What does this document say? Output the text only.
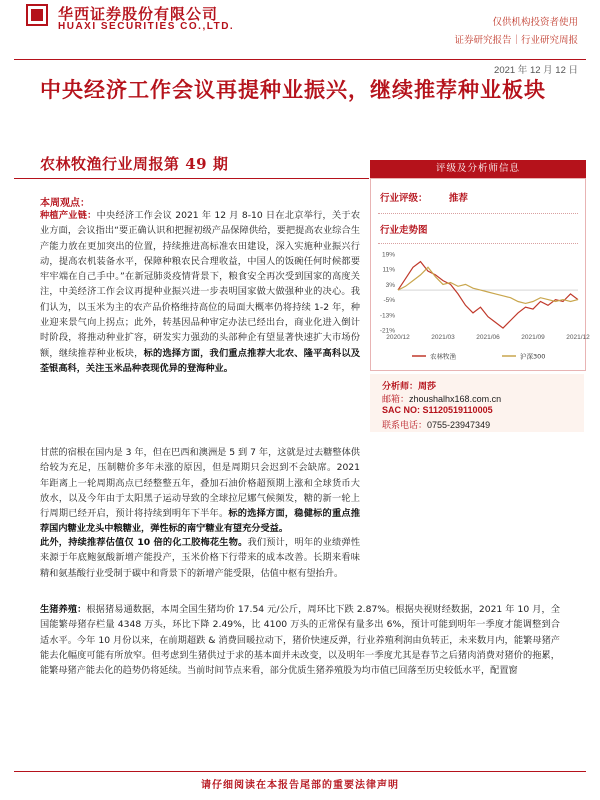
华西证券股份有限公司
HUAXI SECURITIES CO.,LTD.	仅供机构投资者使用
证券研究报告｜行业研究周报
2021 年 12 月 12 日
中央经济工作会议再提种业振兴，继续推荐种业板块
农林牧渔行业周报第 49 期
本周观点：
种植产业链：中央经济工作会议 2021 年 12 月 8-10 日在北京举行，关于农业方面，会议指出“要正确认识和把握初级产品保障供给，要把提高农业综合生产能力放在更加突出的位置，持续推进高标准农田建设，深入实施种业振兴行动，提高农机装备水平，保障种粮农民合理收益，中国人的饭碗任何时候都要牢牢端在自己手中。”在新冠肺炎疫情背景下，粮食安全再次受到国家的高度关注，中美经济工作会议再提种业振兴进一步表明国家做大做强种业的决心。我们认为，以玉米为主的农产品价格维持高位的局面大概率仍将持续 1-2 年，种业迎来景气向上拐点；此外，转基因品种审定办法已经出台，商业化进入倒计时阶段，将推动种业扩容，研发实力强劲的头部种企有望显著快速扩大市场份额，继续推荐种业板块，标的选择方面，我们重点推荐大北农、隆平高科以及荃银高科，关注玉米品种表现优异的登海种业。
甘蔗的宿根在国内是 3 年，但在巴西和澳洲是 5 到 7 年，这就是过去糖整体供给较为充足，压制糖价多年未涨的原因，但是周期只会迟到不会缺席。2021 年距离上一轮周期高点已经整整五年，叠加石油价格超预期上涨和全球货币大放水，以及今年由于太阳黑子运动导致的全球拉尼娜气候频发，糖的新一轮上行周期已经开启，预计将持续到明年下半年。标的选择方面，稳健标的重点推荐国内糖业龙头中粮糖业，弹性标的南宁糖业有望充分受益。
此外，持续推荐估值仅 10 倍的化工胶梅花生物。我们预计，明年的业绩弹性来源于年底鲍氨酸新增产能投产，玉米价格下行带来的成本改善。长期来看味精和氨基酸行业受制于碳中和背景下的新增产能受限，估值中枢有望抬升。
生猪养殖：根据猪易通数据，本周全国生猪均价 17.54 元/公斤，周环比下跌 2.87%。根据央视财经数据，2021 年 10 月，全国能繁母猪存栏量 4348 万头，环比下降 2.49%，比 4100 万头的正常保有量多出 6%，预计可能到明年一季度才能调整到合适水平。今年 10 月份以来，在前期超跌 & 消费回暖拉动下，猪价快速反弹，行业养殖利润由负转正，未来数月内，能繁母猪产能去化幅度可能有所放窄。但考虑到生猪供过于求的基本面并未改变，以及明年一季度尤其是春节之后猪肉消费对猪价的拖累，能繁母猪产能去化的趋势仍将延续。当前时间节点来看，部分优质生猪养殖股为均市值已回落至历史较低水平，配置窗
评级及分析师信息
行业评级： 推荐
行业走势图
19%
11%
3%
-5%
-13%
-21%
2020/12	2021/03	2021/06	2021/09	2021/12
农林牧渔	沪深300
分析师：周莎
邮箱：zhoushalhx168.com.cn
SAC NO: S1120519110005
联系电话：0755-23947349
请仔细阅读在本报告尾部的重要法律声明
